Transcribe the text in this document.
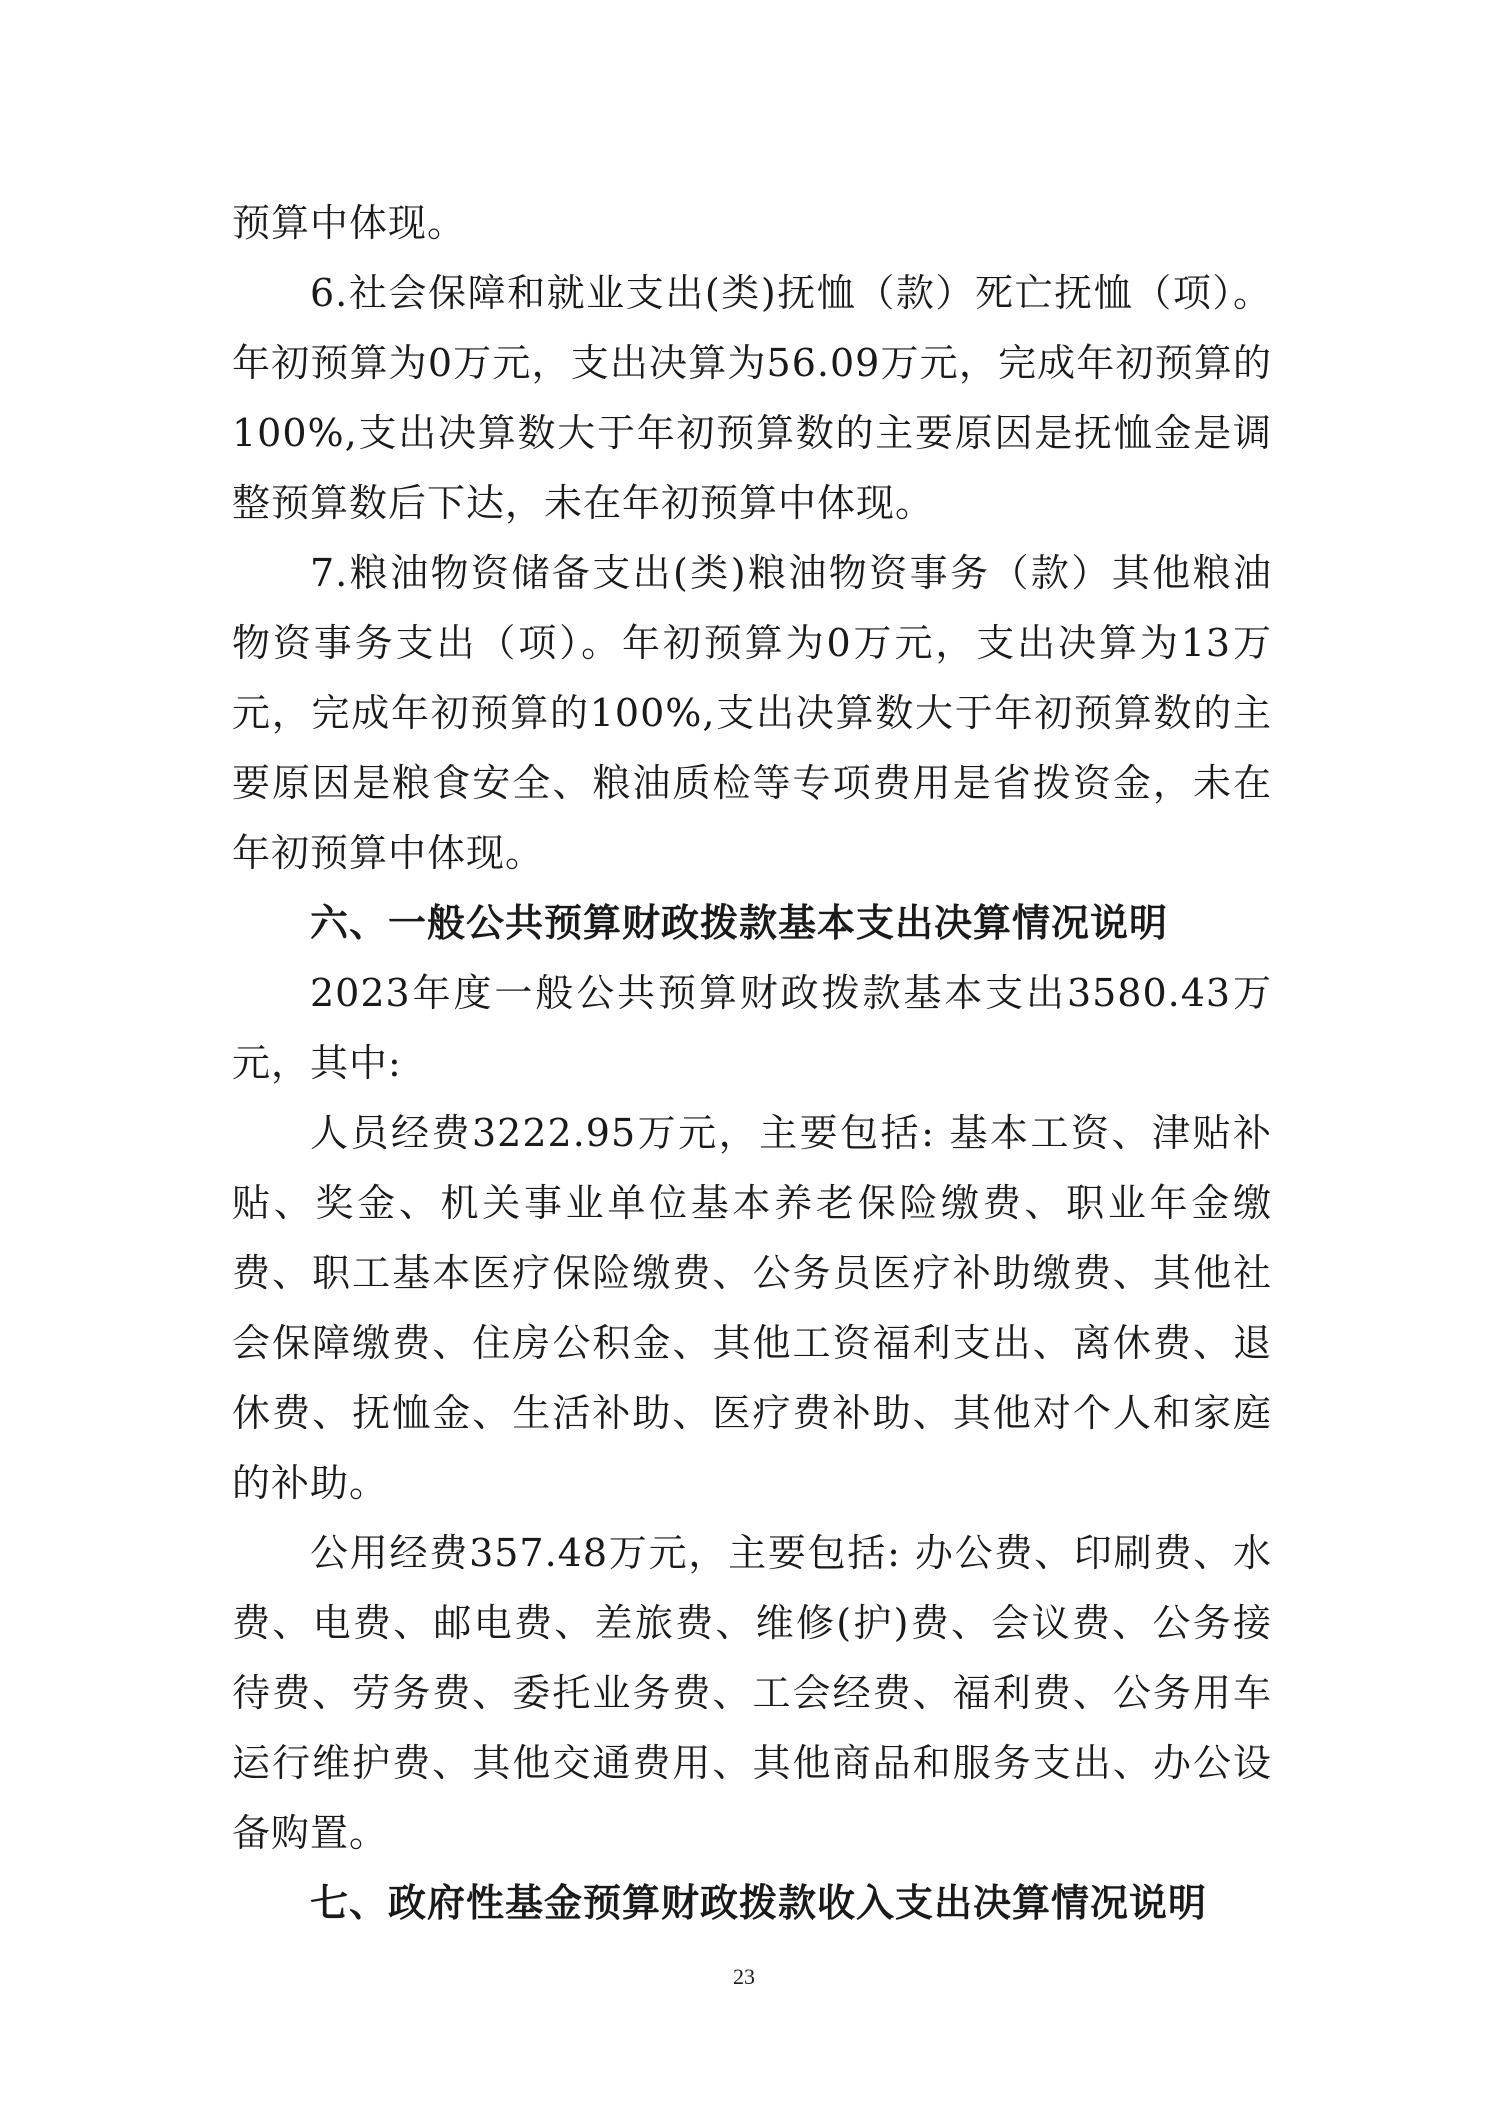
预算中体现。

6.社会保障和就业支出(类)抚恤（款）死亡抚恤（项）。年初预算为0万元，支出决算为56.09万元，完成年初预算的100%,支出决算数大于年初预算数的主要原因是抚恤金是调整预算数后下达，未在年初预算中体现。

7.粮油物资储备支出(类)粮油物资事务（款）其他粮油物资事务支出（项）。年初预算为0万元，支出决算为13万元，完成年初预算的100%,支出决算数大于年初预算数的主要原因是粮食安全、粮油质检等专项费用是省拨资金，未在年初预算中体现。

六、一般公共预算财政拨款基本支出决算情况说明

2023年度一般公共预算财政拨款基本支出3580.43万元，其中:

人员经费3222.95万元，主要包括: 基本工资、津贴补贴、奖金、机关事业单位基本养老保险缴费、职业年金缴费、职工基本医疗保险缴费、公务员医疗补助缴费、其他社会保障缴费、住房公积金、其他工资福利支出、离休费、退休费、抚恤金、生活补助、医疗费补助、其他对个人和家庭的补助。

公用经费357.48万元，主要包括: 办公费、印刷费、水费、电费、邮电费、差旅费、维修(护)费、会议费、公务接待费、劳务费、委托业务费、工会经费、福利费、公务用车运行维护费、其他交通费用、其他商品和服务支出、办公设备购置。

七、政府性基金预算财政拨款收入支出决算情况说明
23
